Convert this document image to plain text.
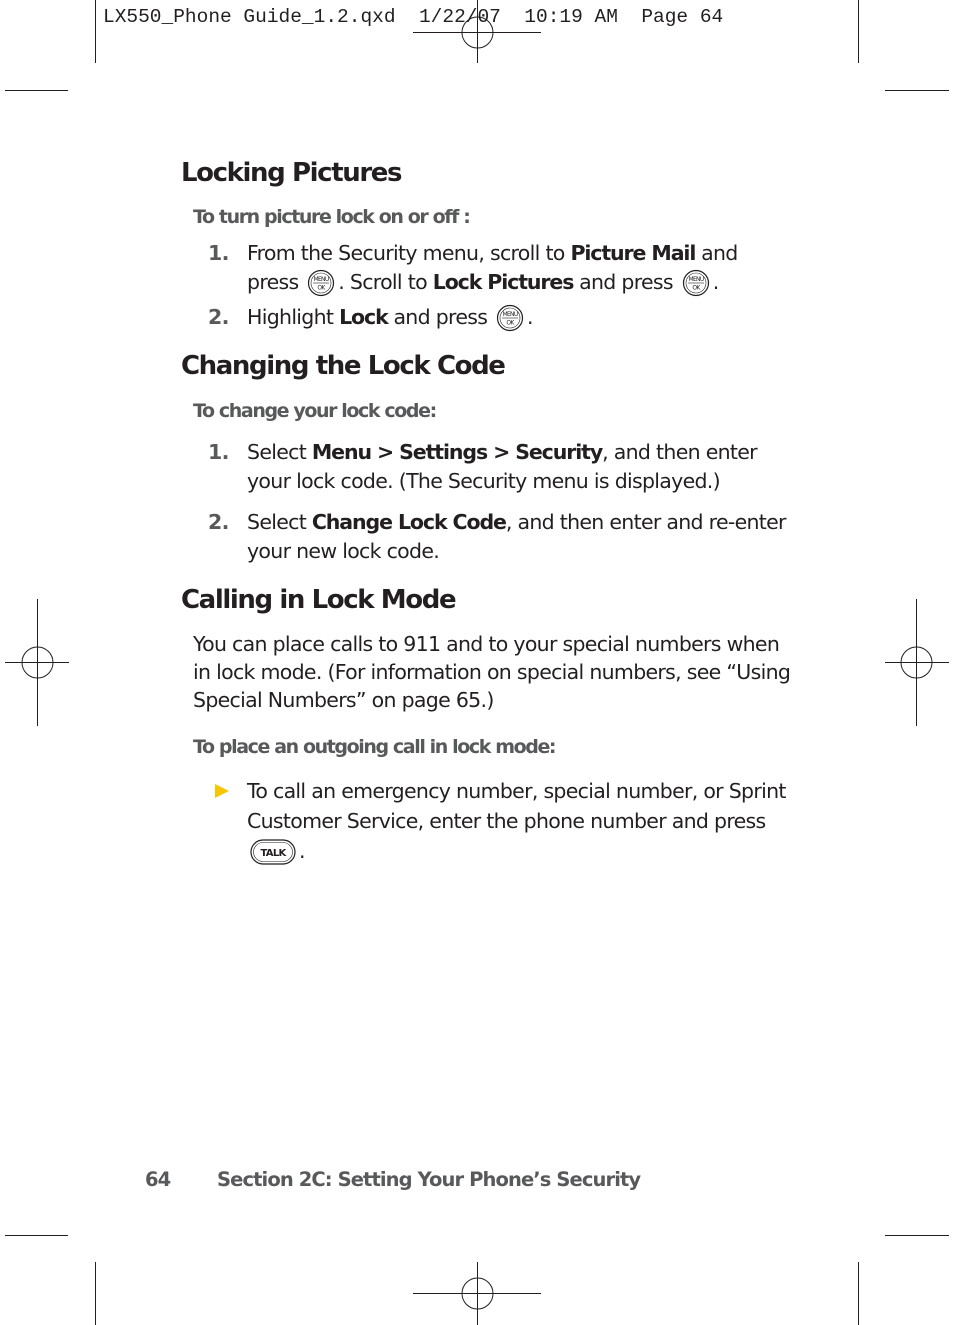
LX550_Phone Guide_1.2.qxd 1/22/07 10:19 AM Page 64
Locking Pictures

To turn picture lock on or off :

1. From the Security menu, scroll to Picture Mail and press MENU
OK . Scroll to Lock Pictures and press MENU
OK .
2. Highlight Lock and press MENU
OK .
Changing the Lock Code

To change your lock code:

1. Select Menu > Settings > Security, and then enter your lock code. (The Security menu is displayed.)
2. Select Change Lock Code, and then enter and re-enter your new lock code.
Calling in Lock Mode

You can place calls to 911 and to your special numbers when in lock mode. (For information on special numbers, see “Using Special Numbers” on page 65.)

To place an outgoing call in lock mode:

To call an emergency number, special number, or Sprint Customer Service, enter the phone number and press
TALK .

64 Section 2C: Setting Your Phone’s Security
